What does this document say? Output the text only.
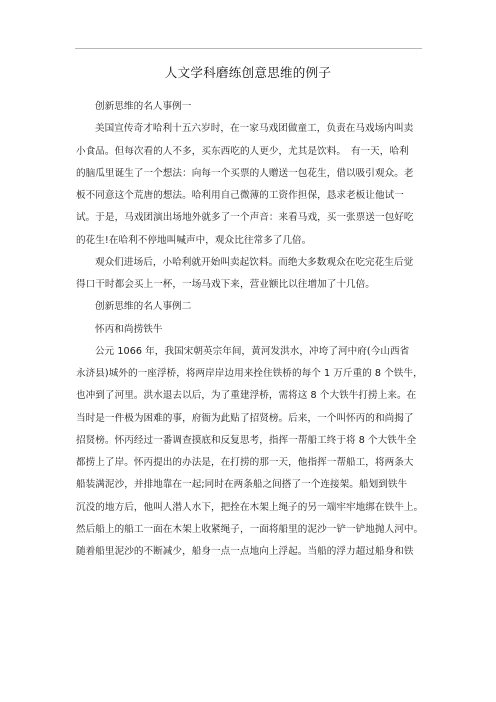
人文学科磨练创意思维的例子
创新思维的名人事例一
美国宣传奇才哈利十五六岁时，在一家马戏团做童工，负责在马戏场内叫卖
小食品。但每次看的人不多，买东西吃的人更少，尤其是饮料。　有一天，哈利
的脑瓜里诞生了一个想法：向每一个买票的人赠送一包花生，借以吸引观众。老
板不同意这个荒唐的想法。哈利用自己微薄的工资作担保，恳求老板让他试一
试。于是，马戏团演出场地外就多了一个声音：来看马戏，买一张票送一包好吃
的花生!在哈利不停地叫喊声中，观众比往常多了几倍。
观众们进场后，小哈利就开始叫卖起饮料。而绝大多数观众在吃完花生后觉
得口干时都会买上一杯，一场马戏下来，营业额比以往增加了十几倍。
创新思维的名人事例二
怀丙和尚捞铁牛
公元 1066 年，我国宋朝英宗年间，黄河发洪水，冲垮了河中府(今山西省
永济县)城外的一座浮桥，将两岸岸边用来拴住铁桥的每个 1 万斤重的 8 个铁牛，
也冲到了河里。洪水退去以后，为了重建浮桥，需将这 8 个大铁牛打捞上来。在
当时是一件极为困难的事，府衙为此贴了招贤榜。后来，一个叫怀丙的和尚揭了
招贤榜。怀丙经过一番调查摸底和反复思考，指挥一帮船工终于将 8 个大铁牛全
都捞上了岸。怀丙提出的办法是，在打捞的那一天，他指挥一帮船工，将两条大
船装满泥沙，并排地靠在一起;同时在两条船之间搭了一个连接架。船划到铁牛
沉没的地方后，他叫人潜人水下，把拴在木架上绳子的另一端牢牢地绑在铁牛上。
然后船上的船工一面在木架上收紧绳子，一面将船里的泥沙一铲一铲地抛人河中。
随着船里泥沙的不断减少，船身一点一点地向上浮起。当船的浮力超过船身和铁
